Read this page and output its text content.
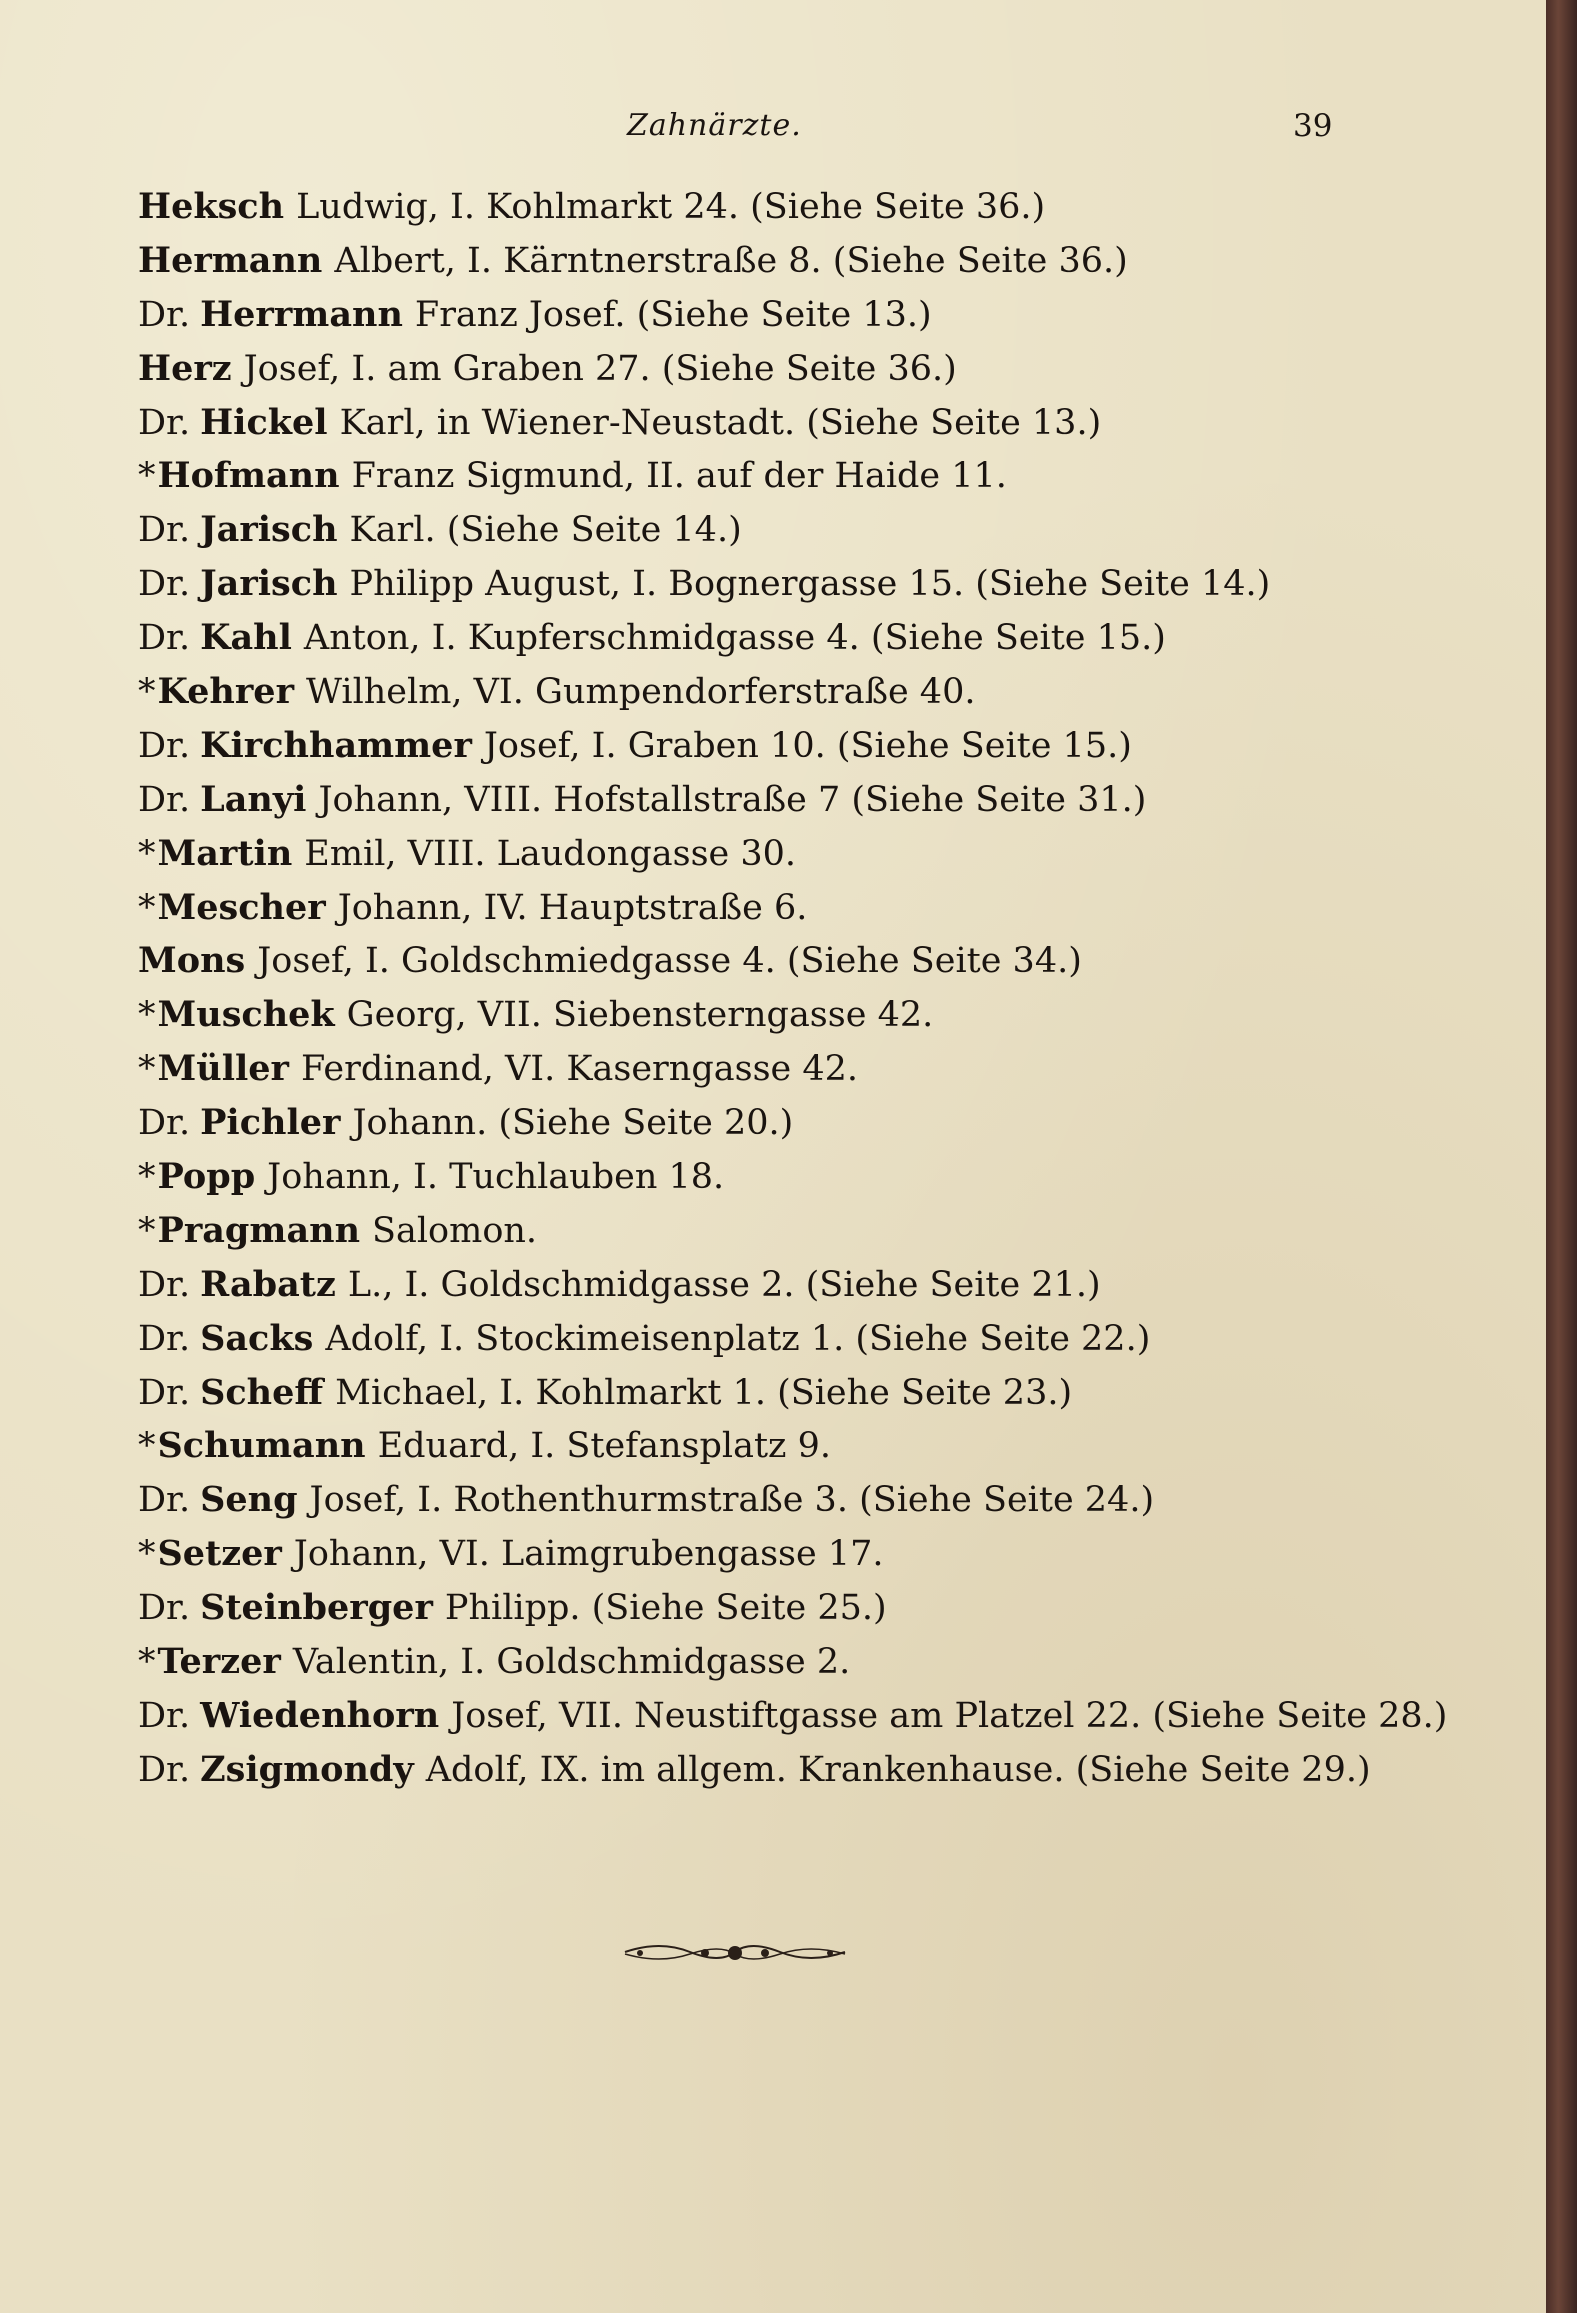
Zahnärzte.	39
Heksch Ludwig, I. Kohlmarkt 24. (Siehe Seite 36.)
Hermann Albert, I. Kärntnerstraße 8. (Siehe Seite 36.)
Dr. Herrmann Franz Josef. (Siehe Seite 13.)
Herz Josef, I. am Graben 27. (Siehe Seite 36.)
Dr. Hickel Karl, in Wiener-Neustadt. (Siehe Seite 13.)
*Hofmann Franz Sigmund, II. auf der Haide 11.
Dr. Jarisch Karl. (Siehe Seite 14.)
Dr. Jarisch Philipp August, I. Bognergasse 15. (Siehe Seite 14.)
Dr. Kahl Anton, I. Kupferschmidgasse 4. (Siehe Seite 15.)
*Kehrer Wilhelm, VI. Gumpendorferstraße 40.
Dr. Kirchhammer Josef, I. Graben 10. (Siehe Seite 15.)
Dr. Lanyi Johann, VIII. Hofstallstraße 7 (Siehe Seite 31.)
*Martin Emil, VIII. Laudongasse 30.
*Mescher Johann, IV. Hauptstraße 6.
Mons Josef, I. Goldschmiedgasse 4. (Siehe Seite 34.)
*Muschek Georg, VII. Siebensterngasse 42.
*Müller Ferdinand, VI. Kaserngasse 42.
Dr. Pichler Johann. (Siehe Seite 20.)
*Popp Johann, I. Tuchlauben 18.
*Pragmann Salomon.
Dr. Rabatz L., I. Goldschmidgasse 2. (Siehe Seite 21.)
Dr. Sacks Adolf, I. Stockimeisenplatz 1. (Siehe Seite 22.)
Dr. Scheff Michael, I. Kohlmarkt 1. (Siehe Seite 23.)
*Schumann Eduard, I. Stefansplatz 9.
Dr. Seng Josef, I. Rothenthurmstraße 3. (Siehe Seite 24.)
*Setzer Johann, VI. Laimgrubengasse 17.
Dr. Steinberger Philipp. (Siehe Seite 25.)
*Terzer Valentin, I. Goldschmidgasse 2.
Dr. Wiedenhorn Josef, VII. Neustiftgasse am Platzel 22. (Siehe Seite 28.)
Dr. Zsigmondy Adolf, IX. im allgem. Krankenhause. (Siehe Seite 29.)
